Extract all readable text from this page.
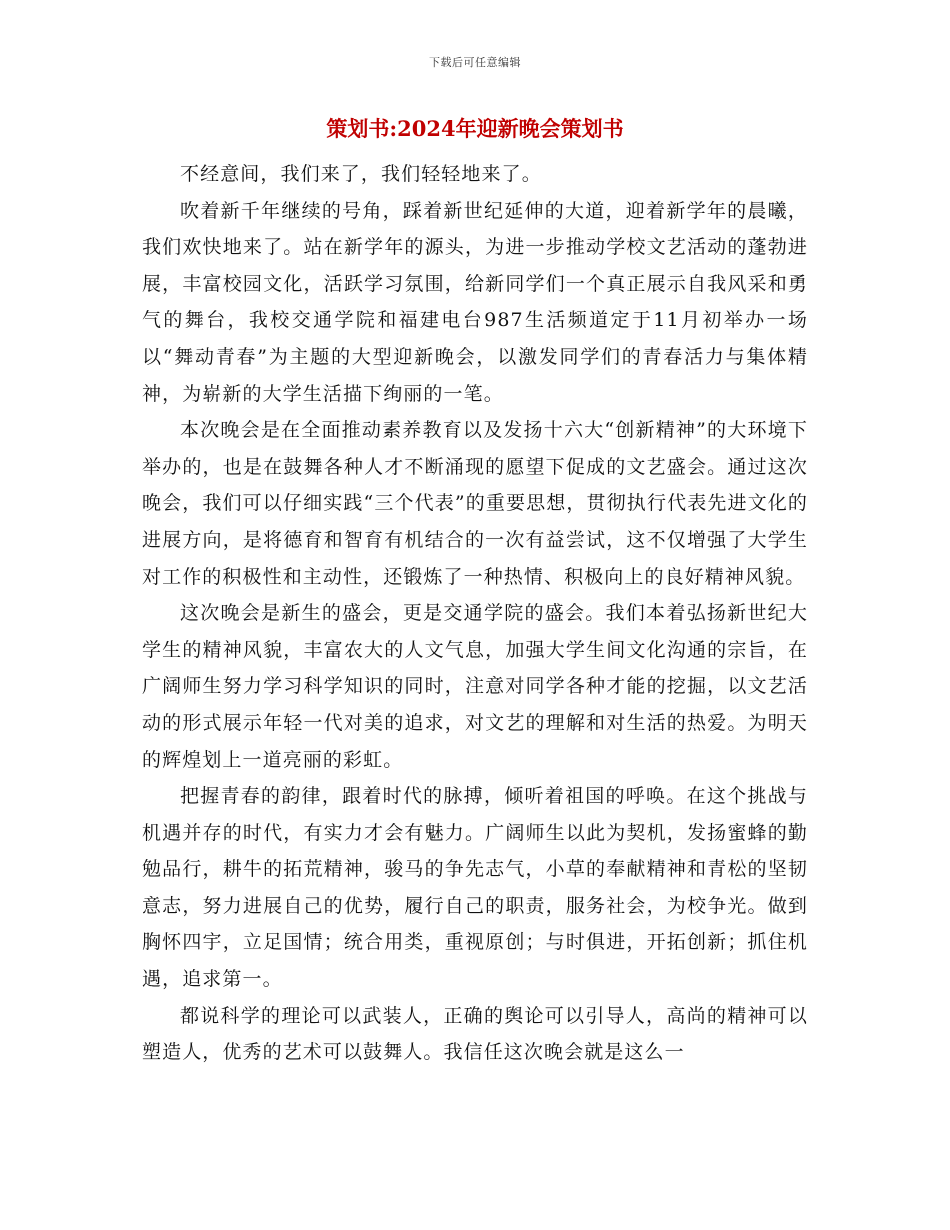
下载后可任意编辑
策划书:2024年迎新晚会策划书

不经意间，我们来了，我们轻轻地来了。

吹着新千年继续的号角，踩着新世纪延伸的大道，迎着新学年的晨曦，我们欢快地来了。站在新学年的源头，为进一步推动学校文艺活动的蓬勃进展，丰富校园文化，活跃学习氛围，给新同学们一个真正展示自我风采和勇气的舞台，我校交通学院和福建电台987生活频道定于11月初举办一场以“舞动青春”为主题的大型迎新晚会，以激发同学们的青春活力与集体精神，为崭新的大学生活描下绚丽的一笔。

本次晚会是在全面推动素养教育以及发扬十六大“创新精神”的大环境下举办的，也是在鼓舞各种人才不断涌现的愿望下促成的文艺盛会。通过这次晚会，我们可以仔细实践“三个代表”的重要思想，贯彻执行代表先进文化的进展方向，是将德育和智育有机结合的一次有益尝试，这不仅增强了大学生对工作的积极性和主动性，还锻炼了一种热情、积极向上的良好精神风貌。

这次晚会是新生的盛会，更是交通学院的盛会。我们本着弘扬新世纪大学生的精神风貌，丰富农大的人文气息，加强大学生间文化沟通的宗旨，在广阔师生努力学习科学知识的同时，注意对同学各种才能的挖掘，以文艺活动的形式展示年轻一代对美的追求，对文艺的理解和对生活的热爱。为明天的辉煌划上一道亮丽的彩虹。

把握青春的韵律，跟着时代的脉搏，倾听着祖国的呼唤。在这个挑战与机遇并存的时代，有实力才会有魅力。广阔师生以此为契机，发扬蜜蜂的勤勉品行，耕牛的拓荒精神，骏马的争先志气，小草的奉献精神和青松的坚韧意志，努力进展自己的优势，履行自己的职责，服务社会，为校争光。做到胸怀四宇，立足国情；统合用类，重视原创；与时俱进，开拓创新；抓住机遇，追求第一。

都说科学的理论可以武装人，正确的舆论可以引导人，高尚的精神可以塑造人，优秀的艺术可以鼓舞人。我信任这次晚会就是这么一
